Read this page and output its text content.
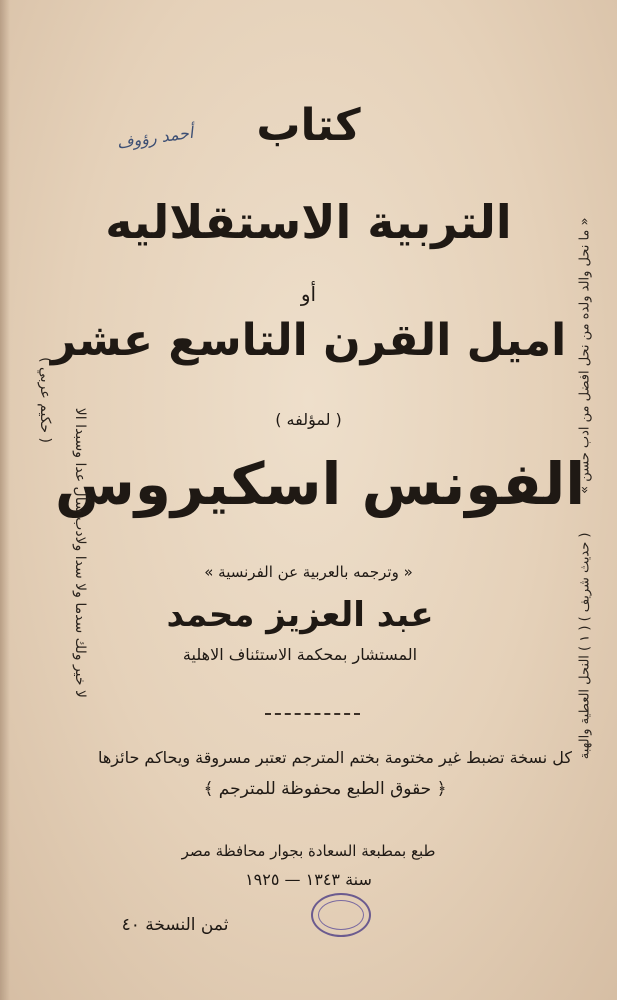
كتاب
التربية الاستقلاليه
أو
اميل القرن التاسع عشر
( لمؤلفه )
الفونس اسكيروس
« وترجمه بالعربية عن الفرنسية »
عبد العزيز محمد
المستشار بمحكمة الاستئناف الاهلية
كل نسخة تضبط غير مختومة بختم المترجم تعتبر مسروقة ويحاكم حائزها
﴿ حقوق الطبع محفوظة للمترجم ﴾
طبع بمطبعة السعادة بجوار محافظة مصر
سنة ١٣٤٣ — ١٩٢٥
ثمن النسخة ٤٠
أحمد رؤوف
لا خير ولك سدما ولا سدا ولادب سأل عدا وسبدا الا
( حكيم عربي )	« ما نحل والد ولده من نحل افضل من ادب حسن »
( حديث شريف ) ( ١ ) النحل العطية والهبة
